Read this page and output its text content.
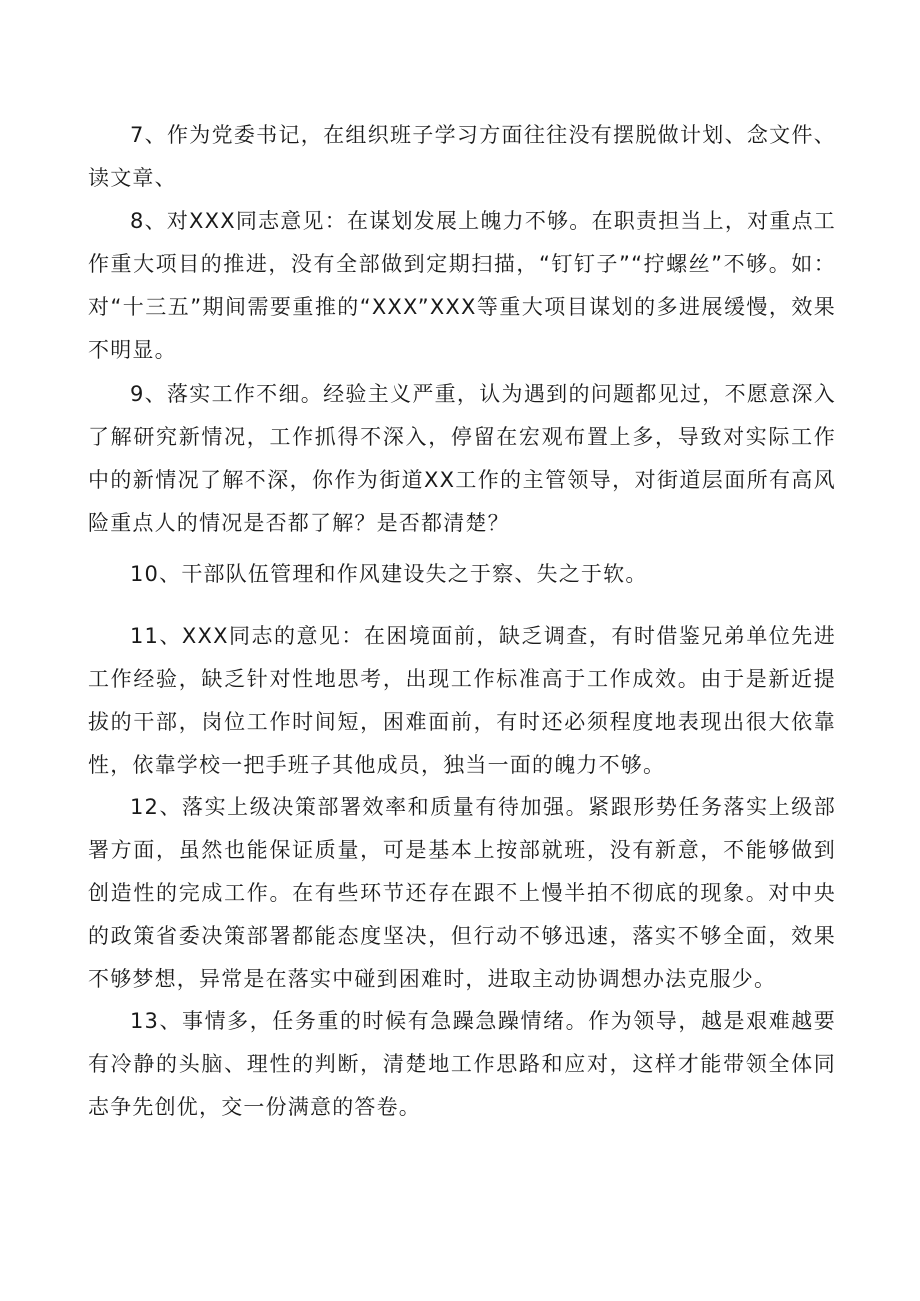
7、作为党委书记，在组织班子学习方面往往没有摆脱做计划、念文件、读文章、

8、对XXX同志意见：在谋划发展上魄力不够。在职责担当上，对重点工作重大项目的推进，没有全部做到定期扫描，“钉钉子”“拧螺丝”不够。如：对“十三五”期间需要重推的“XXX”XXX等重大项目谋划的多进展缓慢，效果不明显。

9、落实工作不细。经验主义严重，认为遇到的问题都见过，不愿意深入了解研究新情况，工作抓得不深入，停留在宏观布置上多，导致对实际工作中的新情况了解不深，你作为街道XX工作的主管领导，对街道层面所有高风险重点人的情况是否都了解？是否都清楚？

10、干部队伍管理和作风建设失之于察、失之于软。

11、XXX同志的意见：在困境面前，缺乏调查，有时借鉴兄弟单位先进工作经验，缺乏针对性地思考，出现工作标准高于工作成效。由于是新近提拔的干部，岗位工作时间短，困难面前，有时还必须程度地表现出很大依靠性，依靠学校一把手班子其他成员，独当一面的魄力不够。

12、落实上级决策部署效率和质量有待加强。紧跟形势任务落实上级部署方面，虽然也能保证质量，可是基本上按部就班，没有新意，不能够做到创造性的完成工作。在有些环节还存在跟不上慢半拍不彻底的现象。对中央的政策省委决策部署都能态度坚决，但行动不够迅速，落实不够全面，效果不够梦想，异常是在落实中碰到困难时，进取主动协调想办法克服少。

13、事情多，任务重的时候有急躁急躁情绪。作为领导，越是艰难越要有冷静的头脑、理性的判断，清楚地工作思路和应对，这样才能带领全体同志争先创优，交一份满意的答卷。
